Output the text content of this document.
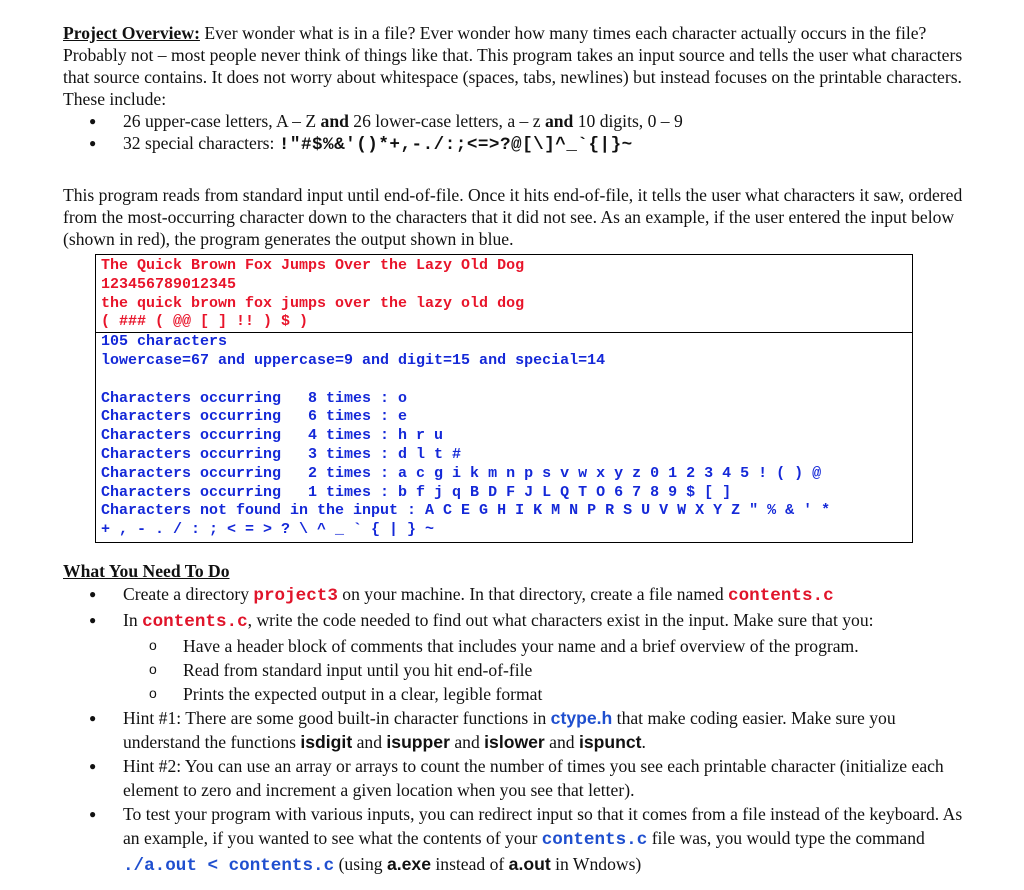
Project Overview: Ever wonder what is in a file? Ever wonder how many times each character actually occurs in the file? Probably not – most people never think of things like that. This program takes an input source and tells the user what characters that source contains. It does not worry about whitespace (spaces, tabs, newlines) but instead focuses on the printable characters. These include:

● 26 upper-case letters, A – Z and 26 lower-case letters, a – z and 10 digits, 0 – 9
● 32 special characters: !"#$%&'()*+,-./:;<=>?@[\]^_`{|}~

This program reads from standard input until end-of-file. Once it hits end-of-file, it tells the user what characters it saw, ordered from the most-occurring character down to the characters that it did not see. As an example, if the user entered the input below (shown in red), the program generates the output shown in blue.

The Quick Brown Fox Jumps Over the Lazy Old Dog
123456789012345
the quick brown fox jumps over the lazy old dog
( ### ( @@ [ ] !! ) $ )
105 characters
lowercase=67 and uppercase=9 and digit=15 and special=14
Characters occurring   8 times : o
Characters occurring   6 times : e
Characters occurring   4 times : h r u
Characters occurring   3 times : d l t #
Characters occurring   2 times : a c g i k m n p s v w x y z 0 1 2 3 4 5 ! ( ) @
Characters occurring   1 times : b f j q B D F J L Q T O 6 7 8 9 $ [ ]
Characters not found in the input : A C E G H I K M N P R S U V W X Y Z " % & ' *
+ , - . / : ; < = > ? \ ^ _ ` { | } ~

What You Need To Do

● Create a directory project3 on your machine. In that directory, create a file named contents.c
● In contents.c, write the code needed to find out what characters exist in the input. Make sure that you:
o Have a header block of comments that includes your name and a brief overview of the program.
o Read from standard input until you hit end-of-file
o Prints the expected output in a clear, legible format
● Hint #1: There are some good built-in character functions in ctype.h that make coding easier. Make sure you understand the functions isdigit and isupper and islower and ispunct.
● Hint #2: You can use an array or arrays to count the number of times you see each printable character (initialize each element to zero and increment a given location when you see that letter).
● To test your program with various inputs, you can redirect input so that it comes from a file instead of the keyboard. As an example, if you wanted to see what the contents of your contents.c file was, you would type the command ./a.out < contents.c (using a.exe instead of a.out in Wndows)
